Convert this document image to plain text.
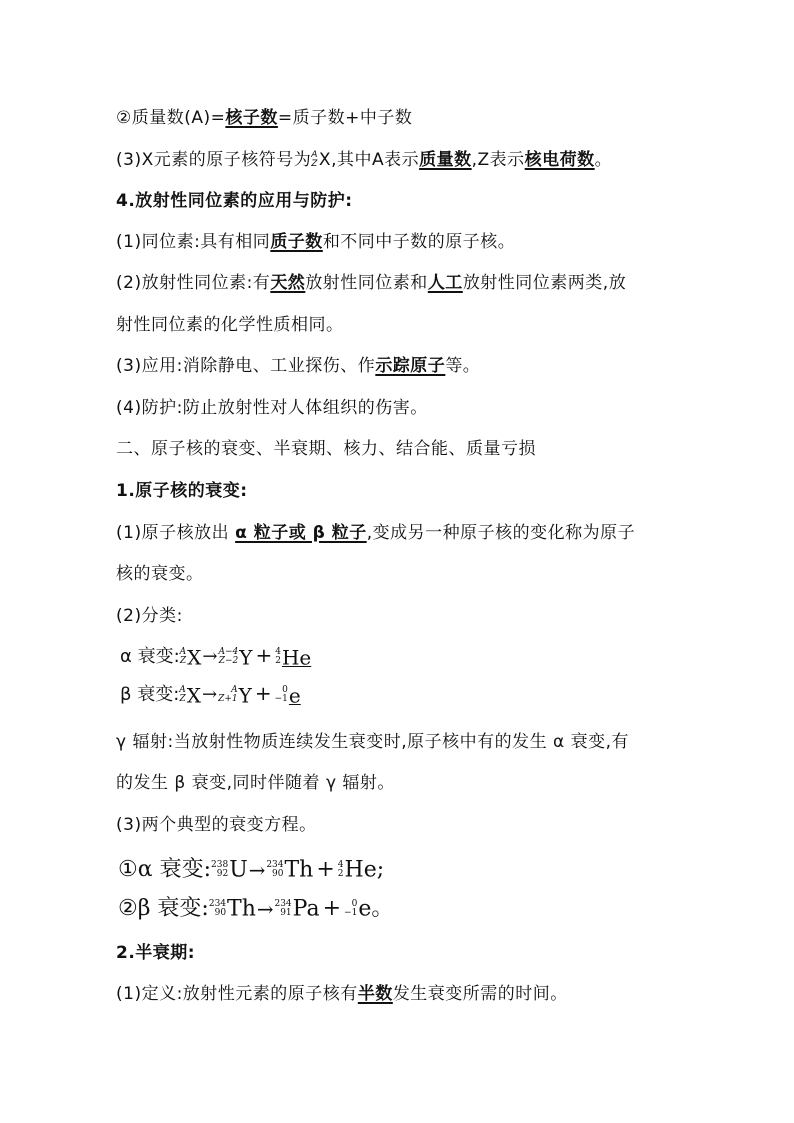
②质量数(A)=核子数=质子数+中子数
(3)X元素的原子核符号为 A
Z X,其中A表示质量数,Z表示核电荷数。
4.放射性同位素的应用与防护:
(1)同位素:具有相同质子数和不同中子数的原子核。
(2)放射性同位素:有天然放射性同位素和人工放射性同位素两类,放
射性同位素的化学性质相同。
(3)应用:消除静电、工业探伤、作示踪原子等。
(4)防护:防止放射性对人体组织的伤害。
二、原子核的衰变、半衰期、核力、结合能、质量亏损
1.原子核的衰变:
(1)原子核放出 α 粒子或 β 粒子,变成另一种原子核的变化称为原子
核的衰变。
(2)分类:
α 衰变: A
Z X→ A−4
Z−2 Y + 4
2 He
β 衰变: A
Z X→ A
Z+1 Y + 0
−1 e
γ 辐射:当放射性物质连续发生衰变时,原子核中有的发生 α 衰变,有
的发生 β 衰变,同时伴随着 γ 辐射。
(3)两个典型的衰变方程。
①α 衰变: 238
92 U→ 234
90 Th + 4
2 He;
②β 衰变: 234
90 Th→ 234
91 Pa + 0
−1 e。
2.半衰期:
(1)定义:放射性元素的原子核有半数发生衰变所需的时间。
